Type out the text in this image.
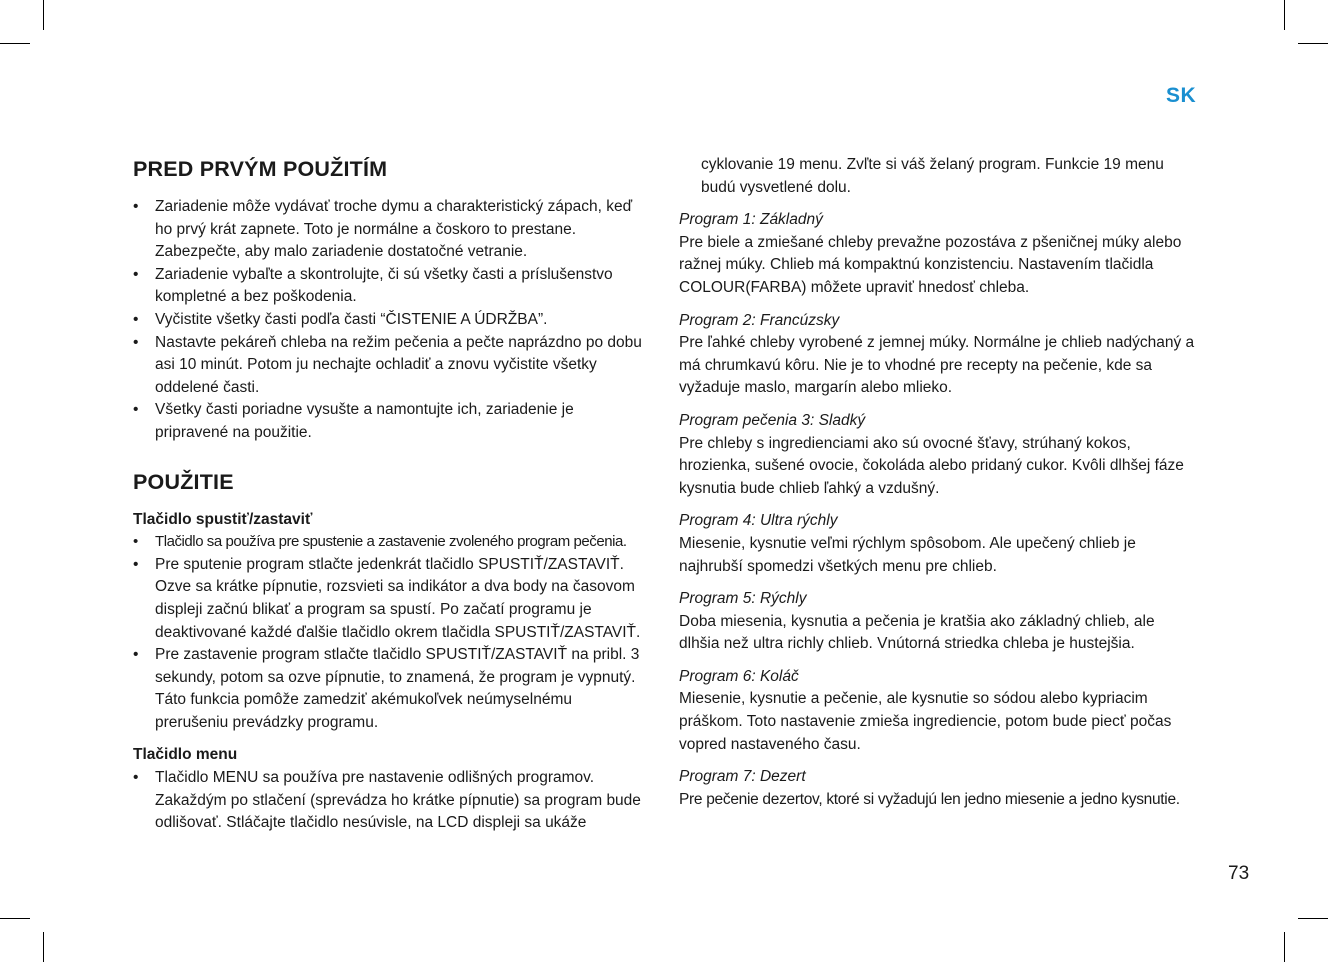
SK
PRED PRVÝM POUŽITÍM
• Zariadenie môže vydávať troche dymu a charakteristický zápach, keď ho prvý krát zapnete. Toto je normálne a čoskoro to prestane. Zabezpečte, aby malo zariadenie dostatočné vetranie.
• Zariadenie vybaľte a skontrolujte, či sú všetky časti a príslušenstvo kompletné a bez poškodenia.
• Vyčistite všetky časti podľa časti “ČISTENIE A ÚDRŽBA”.
• Nastavte pekáreň chleba na režim pečenia a pečte naprázdno po dobu asi 10 minút. Potom ju nechajte ochladiť a znovu vyčistite všetky oddelené časti.
• Všetky časti poriadne vysušte a namontujte ich, zariadenie je pripravené na použitie.
POUŽITIE
Tlačidlo spustiť/zastaviť
• Tlačidlo sa používa pre spustenie a zastavenie zvoleného program pečenia.
• Pre sputenie program stlačte jedenkrát tlačidlo SPUSTIŤ/ZASTAVIŤ. Ozve sa krátke pípnutie, rozsvieti sa indikátor a dva body na časovom displeji začnú blikať a program sa spustí. Po začatí programu je deaktivované každé ďalšie tlačidlo okrem tlačidla SPUSTIŤ/ZASTAVIŤ.
• Pre zastavenie program stlačte tlačidlo SPUSTIŤ/ZASTAVIŤ na pribl. 3 sekundy, potom sa ozve pípnutie, to znamená, že program je vypnutý. Táto funkcia pomôže zamedziť akémukoľvek neúmyselnému prerušeniu prevádzky programu.
Tlačidlo menu
• Tlačidlo MENU sa používa pre nastavenie odlišných programov. Zakaždým po stlačení (sprevádza ho krátke pípnutie) sa program bude odlišovať. Stláčajte tlačidlo nesúvisle, na LCD displeji sa ukáže

cyklovanie 19 menu. Zvľte si váš želaný program. Funkcie 19 menu budú vysvetlené dolu.

Program 1: Základný

Pre biele a zmiešané chleby prevažne pozostáva z pšeničnej múky alebo ražnej múky. Chlieb má kompaktnú konzistenciu. Nastavením tlačidla COLOUR(FARBA) môžete upraviť hnedosť chleba.

Program 2: Francúzsky

Pre ľahké chleby vyrobené z jemnej múky. Normálne je chlieb nadýchaný a má chrumkavú kôru. Nie je to vhodné pre recepty na pečenie, kde sa vyžaduje maslo, margarín alebo mlieko.

Program pečenia 3: Sladký

Pre chleby s ingredienciami ako sú ovocné šťavy, strúhaný kokos, hrozienka, sušené ovocie, čokoláda alebo pridaný cukor. Kvôli dlhšej fáze kysnutia bude chlieb ľahký a vzdušný.

Program 4: Ultra rýchly

Miesenie, kysnutie veľmi rýchlym spôsobom. Ale upečený chlieb je najhrubší spomedzi všetkých menu pre chlieb.

Program 5: Rýchly

Doba miesenia, kysnutia a pečenia je kratšia ako základný chlieb, ale dlhšia než ultra richly chlieb. Vnútorná striedka chleba je hustejšia.

Program 6: Koláč

Miesenie, kysnutie a pečenie, ale kysnutie so sódou alebo kypriacim práškom. Toto nastavenie zmieša ingrediencie, potom bude piecť počas vopred nastaveného času.

Program 7: Dezert

Pre pečenie dezertov, ktoré si vyžadujú len jedno miesenie a jedno kysnutie.

73
